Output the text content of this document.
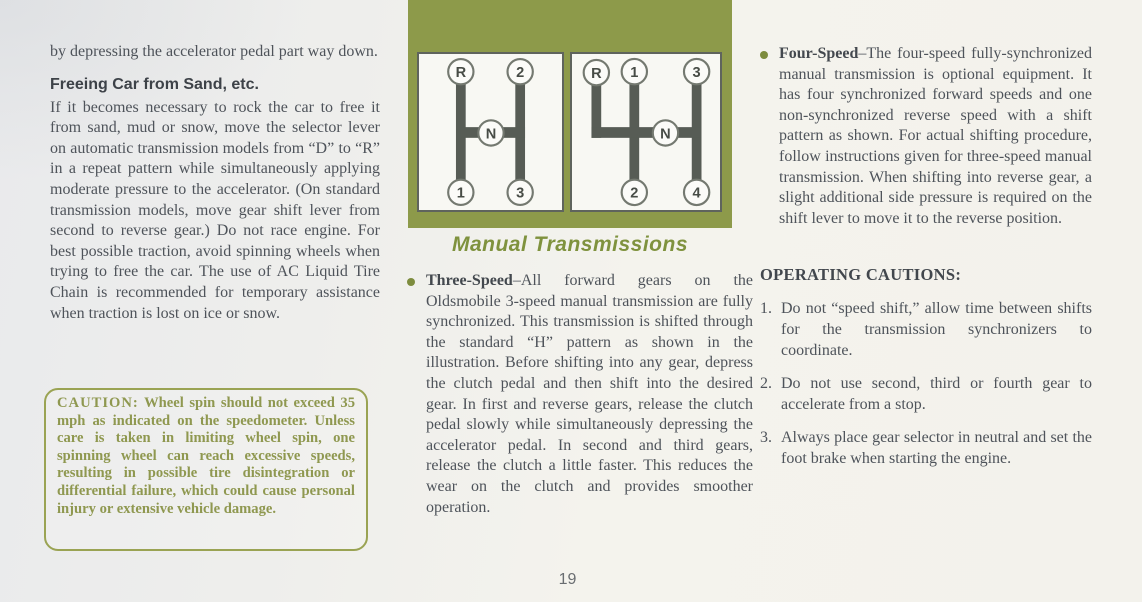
by depressing the accelerator pedal part way down.

Freeing Car from Sand, etc.

If it becomes necessary to rock the car to free it from sand, mud or snow, move the selector lever on automatic transmission models from “D” to “R” in a repeat pattern while simultaneously applying moderate pressure to the accelerator. (On standard transmission models, move gear shift lever from second to reverse gear.) Do not race engine. For best possible traction, avoid spinning wheels when trying to free the car. The use of AC Liquid Tire Chain is recommended for temporary assistance when traction is lost on ice or snow.

CAUTION: Wheel spin should not exceed 35 mph as indicated on the speedometer. Unless care is taken in limiting wheel spin, one spinning wheel can reach excessive speeds, resulting in possible tire disintegration or differential failure, which could cause personal injury or extensive vehicle damage.

R	2
N
1	3
R 1	3
N
2	4
Manual Transmissions

Three-Speed–All forward gears on the Oldsmobile 3-speed manual transmission are fully synchronized. This transmission is shifted through the standard “H” pattern as shown in the illustration. Before shifting into any gear, depress the clutch pedal and then shift into the desired gear. In first and reverse gears, release the clutch pedal slowly while simultaneously depressing the accelerator pedal. In second and third gears, release the clutch a little faster. This reduces the wear on the clutch and provides smoother operation.

19

Four-Speed–The four-speed fully-synchronized manual transmission is optional equipment. It has four synchronized forward speeds and one non-synchronized reverse speed with a shift pattern as shown. For actual shifting procedure, follow instructions given for three-speed manual transmission. When shifting into reverse gear, a slight additional side pressure is required on the shift lever to move it to the reverse position.

OPERATING CAUTIONS:

1. Do not “speed shift,” allow time between shifts for the transmission synchronizers to coordinate.

2. Do not use second, third or fourth gear to accelerate from a stop.

3. Always place gear selector in neutral and set the foot brake when starting the engine.
